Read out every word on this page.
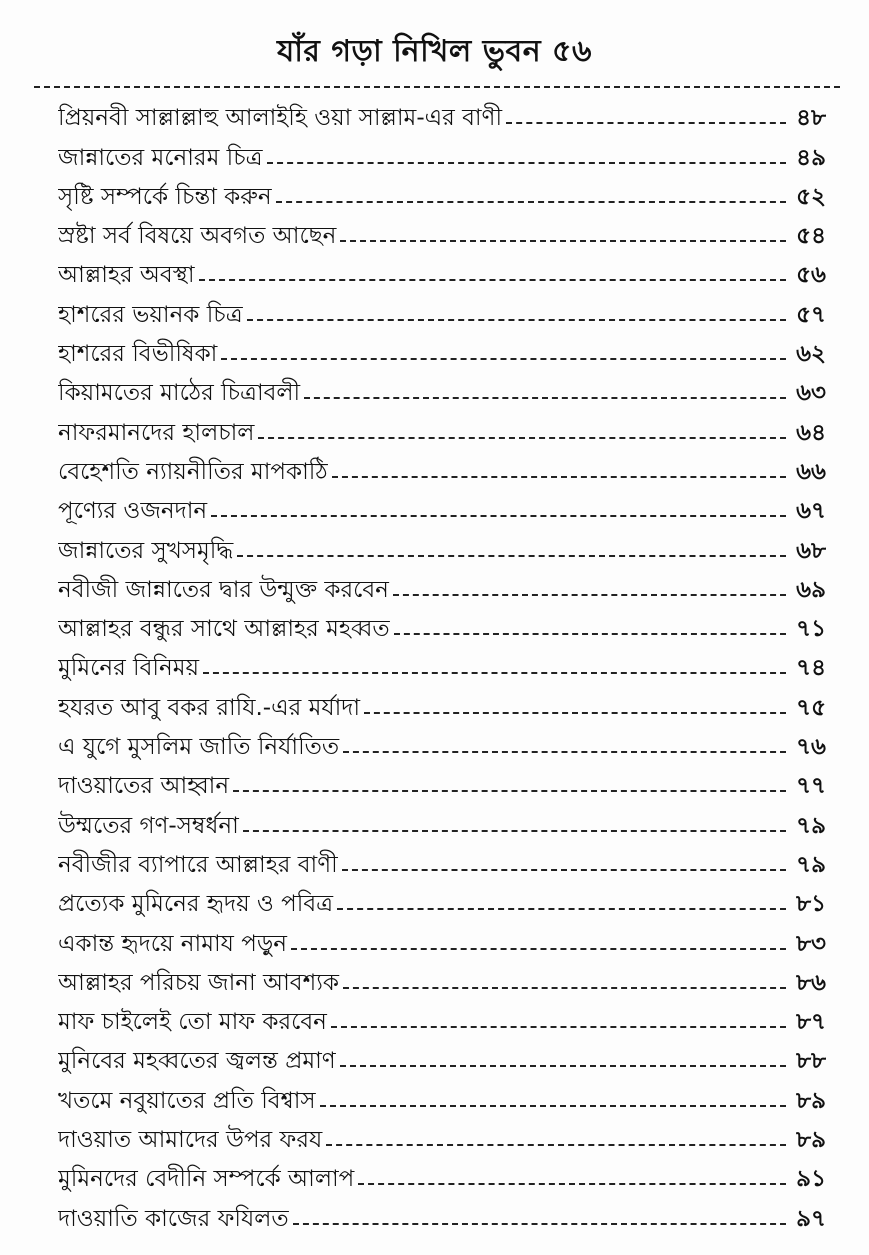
যাঁর গড়া নিখিল ভুবন ৫৬
প্রিয়নবী সাল্লাল্লাহু আলাইহি ওয়া সাল্লাম-এর বাণী	৪৮
জান্নাতের মনোরম চিত্র	৪৯
সৃষ্টি সম্পর্কে চিন্তা করুন	৫২
স্রষ্টা সর্ব বিষয়ে অবগত আছেন	৫৪
আল্লাহর অবস্থা	৫৬
হাশরের ভয়ানক চিত্র	৫৭
হাশরের বিভীষিকা	৬২
কিয়ামতের মাঠের চিত্রাবলী	৬৩
নাফরমানদের হালচাল	৬৪
বেহেশতি ন্যায়নীতির মাপকাঠি	৬৬
পূণ্যের ওজনদান	৬৭
জান্নাতের সুখসমৃদ্ধি	৬৮
নবীজী জান্নাতের দ্বার উন্মুক্ত করবেন	৬৯
আল্লাহর বন্ধুর সাথে আল্লাহর মহব্বত	৭১
মুমিনের বিনিময়	৭৪
হযরত আবু বকর রাযি.-এর মর্যাদা	৭৫
এ যুগে মুসলিম জাতি নির্যাতিত	৭৬
দাওয়াতের আহ্বান	৭৭
উম্মতের গণ-সম্বর্ধনা	৭৯
নবীজীর ব্যাপারে আল্লাহর বাণী	৭৯
প্রত্যেক মুমিনের হৃদয় ও পবিত্র	৮১
একান্ত হৃদয়ে নামায পড়ুন	৮৩
আল্লাহর পরিচয় জানা আবশ্যক	৮৬
মাফ চাইলেই তো মাফ করবেন	৮৭
মুনিবের মহব্বতের জ্বলন্ত প্রমাণ	৮৮
খতমে নবুয়াতের প্রতি বিশ্বাস	৮৯
দাওয়াত আমাদের উপর ফরয	৮৯
মুমিনদের বেদীনি সম্পর্কে আলাপ	৯১
দাওয়াতি কাজের ফযিলত	৯৭
